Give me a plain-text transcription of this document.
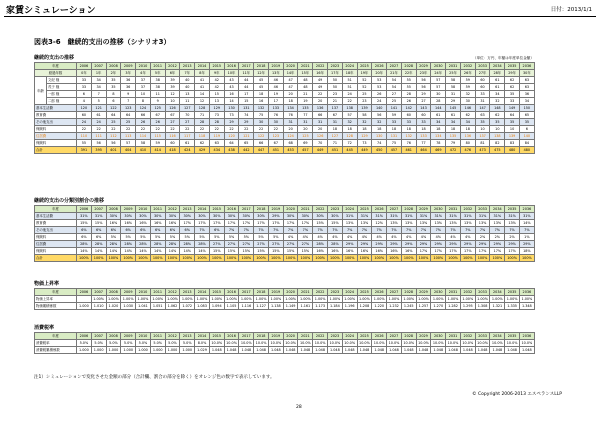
家賃シミュレーション	日付：2013/1/1
図表3-6　継続的支出の推移（シナリオ3）
継続的支出の推移	（単位：万円、年額は年度単位金額）
年度		2006	2007	2008	2009	2010	2011	2012	2013	2014	2015	2016	2017	2018	2019	2020	2021	2022	2023	2024	2025	2026	2027	2028	2029	2030	2031	2032	2033	2034	2035	2036
経過年数		0年	1年	2年	3年	4年	5年	6年	7年	8年	9年	10年	11年	12年	13年	14年	15年	16年	17年	18年	19年	20年	21年	22年	23年	24年	25年	26年	27年	28年	29年	30年
年齢	文紀 様	33	34	35	36	37	38	39	40	41	42	43	44	45	46	47	48	49	50	51	52	53	54	55	56	57	58	59	60	61	62	63
	茂子 様	33	34	35	36	37	38	39	40	41	42	43	44	45	46	47	48	49	50	51	52	53	54	55	56	57	58	59	60	61	62	63
	一郎 様	6	7	8	9	10	11	12	13	14	15	16	17	18	19	20	21	22	23	24	25	26	27	28	29	30	31	32	33	34	35	36
	二郎 様	4	5	6	7	8	9	10	11	12	13	14	15	16	17	18	19	20	21	22	23	24	25	26	27	28	29	30	31	32	33	34
基本生活費		120	121	122	123	124	125	126	127	128	129	130	131	132	133	134	135	136	137	138	139	140	141	142	143	144	145	146	147	148	149	150
教育費		60	61	64	64	66	67	67	70	71	73	73	74	75	76	76	77	66	67	57	58	56	59	60	60	61	61	62	63	62	64	65
その他支出		24	24	25	25	26	26	27	27	28	28	29	29	30	30	31	31	31	31	32	32	32	33	33	33	34	34	34	35	35	35	35
保険料		22	22	22	22	22	22	22	22	22	22	22	22	22	22	20	20	20	18	18	18	18	18	18	18	18	18	18	10	10	10	6
住居費		110	111	112	113	114	115	116	117	118	119	120	121	122	123	124	125	126	127	128	129	130	131	132	133	134	135	136	137	138	139	140
保険料		55	56	56	57	58	59	60	61	62	63	64	65	66	67	68	69	70	71	72	73	74	75	76	77	78	79	80	81	82	83	84
合計		391	395	401	404	410	414	418	424	429	434	438	442	447	451	453	457	449	451	445	449	450	457	461	464	469	472	476	473	475	480	480
継続的支出の分類別割合の推移
年度	2006	2007	2008	2009	2010	2011	2012	2013	2014	2015	2016	2017	2018	2019	2020	2021	2022	2023	2024	2025	2026	2027	2028	2029	2030	2031	2032	2033	2034	2035	2036
基本生活費	31%	31%	30%	30%	30%	30%	30%	30%	30%	30%	30%	30%	30%	29%	30%	30%	30%	30%	31%	31%	31%	31%	31%	31%	31%	31%	31%	31%	31%	31%	31%
教育費	15%	15%	16%	16%	16%	16%	16%	17%	17%	17%	17%	17%	17%	17%	17%	17%	15%	15%	13%	13%	12%	13%	13%	13%	13%	13%	13%	13%	13%	13%	14%
その他支出	6%	6%	6%	6%	6%	6%	6%	6%	7%	6%	7%	7%	7%	7%	7%	7%	7%	7%	7%	7%	7%	7%	7%	7%	7%	7%	7%	7%	7%	7%	7%
保険料	6%	6%	5%	5%	5%	5%	5%	5%	5%	5%	5%	5%	5%	5%	4%	4%	4%	4%	4%	4%	4%	4%	4%	4%	4%	4%	4%	2%	2%	2%	1%
住居費	28%	28%	28%	28%	28%	28%	28%	28%	28%	27%	27%	27%	27%	27%	27%	27%	28%	28%	29%	29%	29%	29%	29%	29%	29%	29%	29%	29%	29%	29%	29%
保険料	14%	14%	14%	14%	14%	14%	14%	14%	14%	15%	15%	15%	15%	15%	15%	15%	16%	16%	16%	16%	16%	16%	16%	17%	17%	17%	17%	17%	17%	17%	18%
合計	100%	100%	100%	100%	100%	100%	100%	100%	100%	100%	100%	100%	100%	100%	100%	100%	100%	100%	100%	100%	100%	100%	100%	100%	100%	100%	100%	100%	100%	100%	100%
物価上昇率
年度	2006	2007	2008	2009	2010	2011	2012	2013	2014	2015	2016	2017	2018	2019	2020	2021	2022	2023	2024	2025	2026	2027	2028	2029	2030	2031	2032	2033	2034	2035	2036
物価上昇率		1.00%	1.00%	1.00%	1.00%	1.00%	1.00%	1.00%	1.00%	1.00%	1.00%	1.00%	1.00%	1.00%	1.00%	1.00%	1.00%	1.00%	1.00%	1.00%	1.00%	1.00%	1.00%	1.00%	1.00%	1.00%	1.00%	1.00%	1.00%	1.00%	1.00%
物価累積係数	1.000	1.010	1.020	1.030	1.041	1.051	1.062	1.072	1.083	1.094	1.105	1.116	1.127	1.138	1.149	1.161	1.173	1.184	1.196	1.208	1.220	1.232	1.245	1.257	1.270	1.282	1.295	1.308	1.321	1.335	1.348
消費税率
年度	2006	2007	2008	2009	2010	2011	2012	2013	2014	2015	2016	2017	2018	2019	2020	2021	2022	2023	2024	2025	2026	2027	2028	2029	2030	2031	2032	2033	2034	2035	2036
消費税率	5.0%	5.0%	5.0%	5.0%	5.0%	5.0%	5.0%	5.0%	8.0%	10.0%	10.0%	10.0%	10.0%	10.0%	10.0%	10.0%	10.0%	10.0%	10.0%	10.0%	10.0%	10.0%	10.0%	10.0%	10.0%	10.0%	10.0%	10.0%	10.0%	10.0%	10.0%
消費税累積係数	1.000	1.000	1.000	1.000	1.000	1.000	1.000	1.000	1.029	1.048	1.048	1.048	1.048	1.048	1.048	1.048	1.048	1.048	1.048	1.048	1.048	1.048	1.048	1.048	1.048	1.048	1.048	1.048	1.048	1.048	1.048
注1）シミュレーションで変化させた金額の部分（合計欄、割合の部分を除く）をオレンジ色の数字で表示しています。
© Copyright 2006-2013 エスペランスLLP
28
